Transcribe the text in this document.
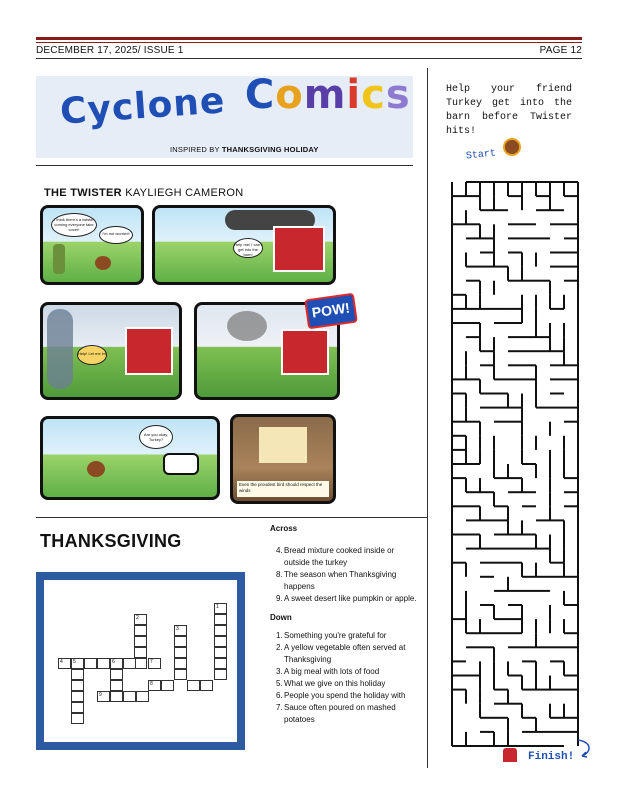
DECEMBER 17, 2025/ ISSUE 1	PAGE 12
Cyclone Comics
INSPIRED BY THANKSGIVING HOLIDAY
THE TWISTER KAYLIEGH CAMERON
I think there's a twister coming everyone take cover!
I'm not worried!
Help me! I can't get into the barn!
Help! Let me in!
POW!
Are you okay, Turkey?
Even the proudest bird should respect the winds
THANKSGIVING
1
2
3
4 5	6	7
8
9
Across
4. Bread mixture cooked inside or outside the turkey
8. The season when Thanksgiving happens
9. A sweet desert like pumpkin or apple.
Down
1. Something you're grateful for
2. A yellow vegetable often served at Thanksgiving
3. A big meal with lots of food
5. What we give on this holiday
6. People you spend the holiday with
7. Sauce often poured on mashed potatoes
Help your friend Turkey get into the barn before Twister hits!
Start
Finish!
